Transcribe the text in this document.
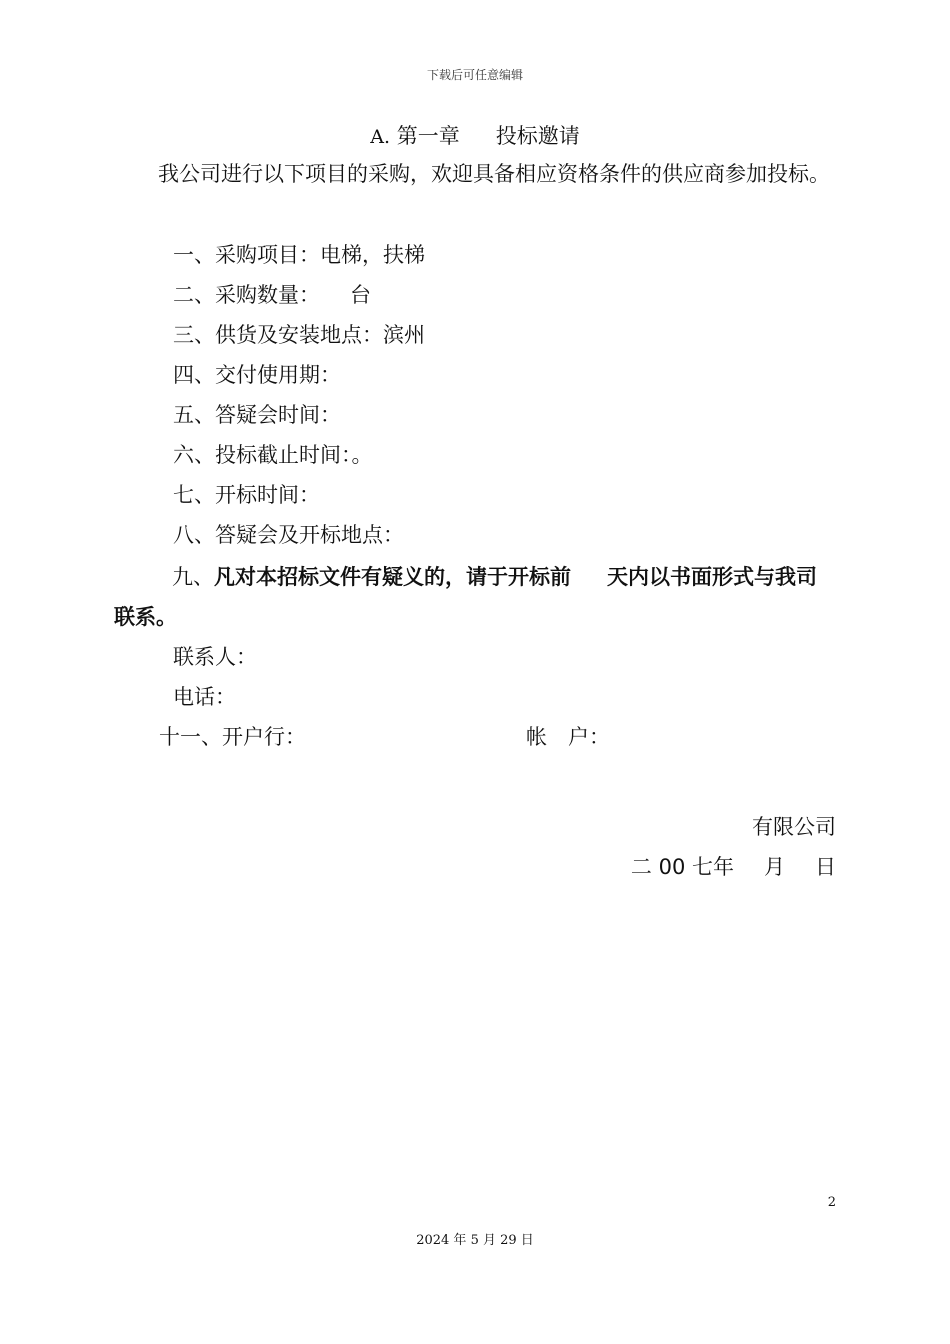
下载后可任意编辑
A. 第一章 投标邀请
我公司进行以下项目的采购，欢迎具备相应资格条件的供应商参加投标。
一、采购项目：电梯，扶梯
二、采购数量： 台
三、供货及安装地点：滨州
四、交付使用期：
五、答疑会时间：
六、投标截止时间：。
七、开标时间：
八、答疑会及开标地点：
九、凡对本招标文件有疑义的，请于开标前 天内以书面形式与我司联系。
联系人：
电话：
十一、开户行：	帐　户：
有限公司
二 00 七年 月 日
2
2024 年 5 月 29 日
